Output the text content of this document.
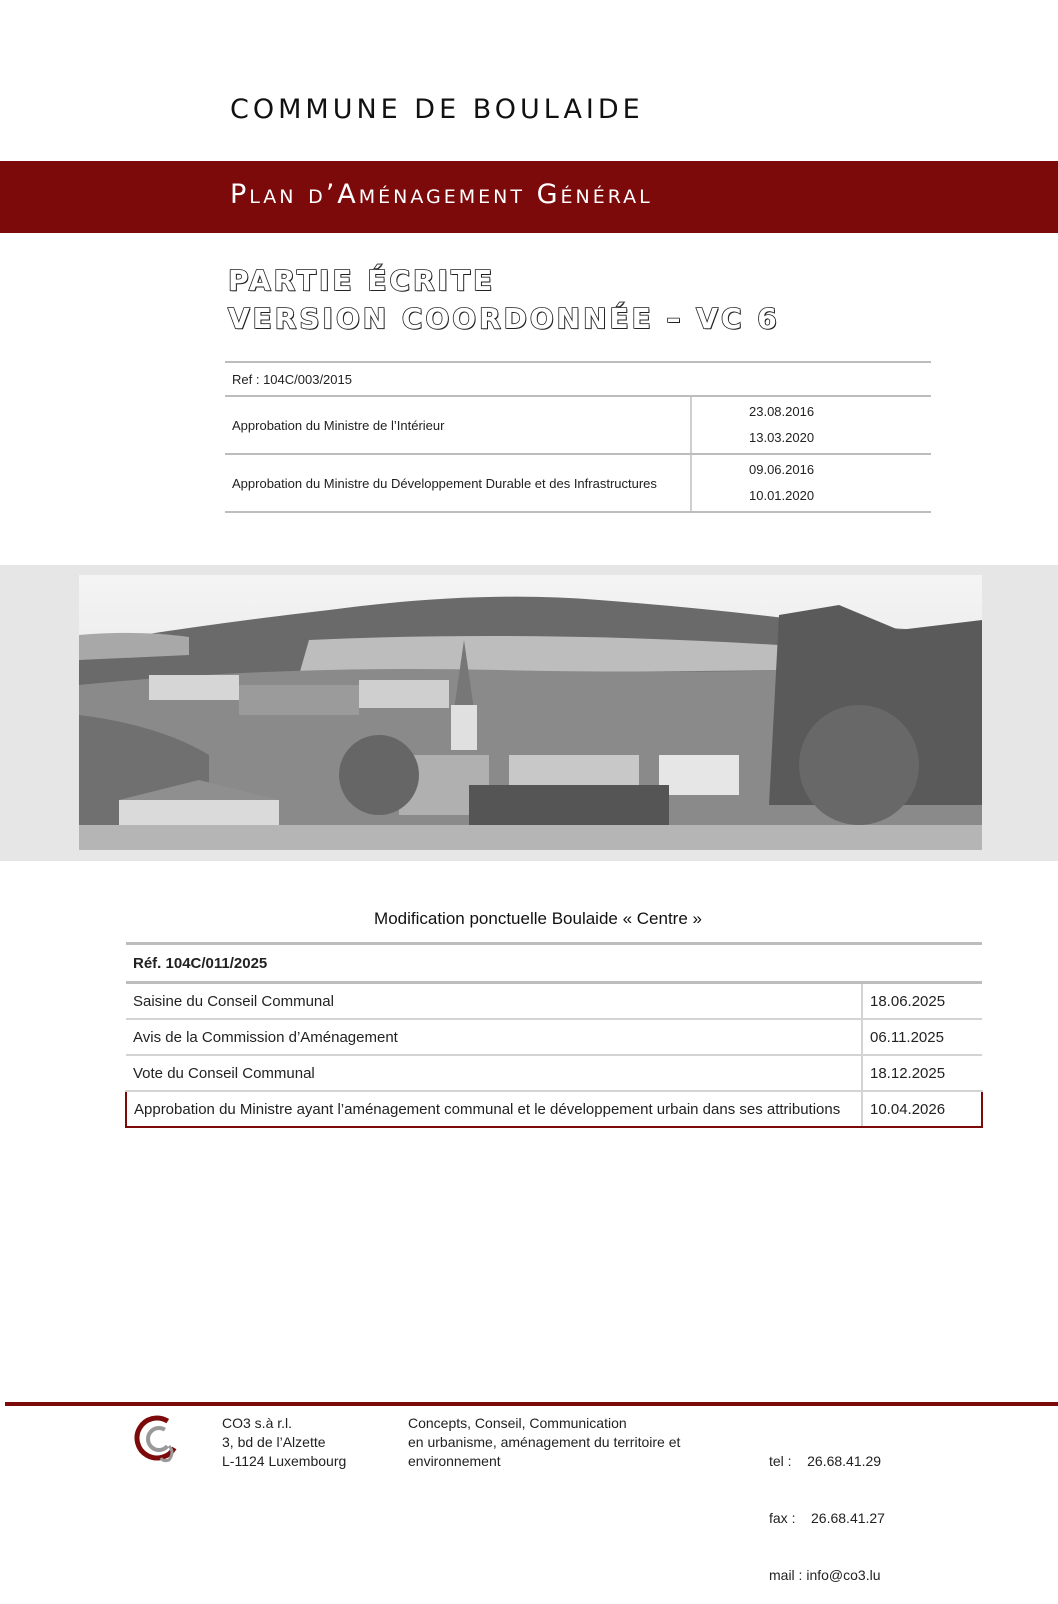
COMMUNE DE BOULAIDE
Plan d’Aménagement Général
PARTIE ÉCRITE
VERSION COORDONNÉE – VC 6
Ref : 104C/003/2015	
Approbation du Ministre de l’Intérieur	23.08.2016
13.03.2020

Approbation du Ministre du Développement Durable et des Infrastructures	09.06.2016
10.01.2020
Modification ponctuelle Boulaide « Centre »
Réf. 104C/011/2025	
Saisine du Conseil Communal	18.06.2025
Avis de la Commission d’Aménagement	06.11.2025
Vote du Conseil Communal	18.12.2025
Approbation du Ministre ayant l’aménagement communal et le développement urbain dans ses attributions	10.04.2026
CO3 s.à r.l.
3, bd de l’Alzette
L-1124 Luxembourg
Concepts, Conseil, Communication
en urbanisme, aménagement du territoire et
environnement

	tel :    26.68.41.29

fax :    26.68.41.27

mail : info@co3.lu
